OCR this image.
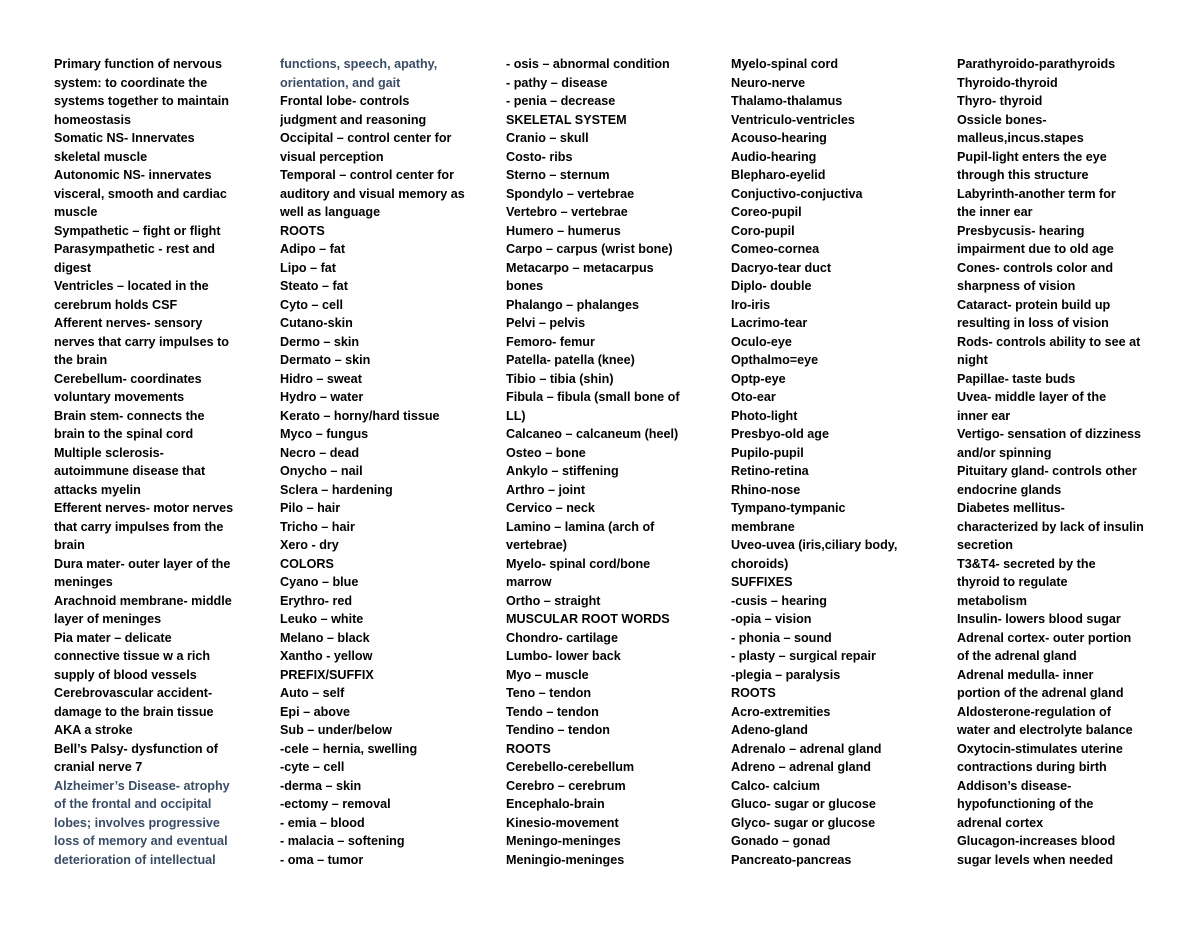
Primary function of nervous
system: to coordinate the
systems together to maintain
homeostasis
Somatic NS- Innervates
skeletal muscle
Autonomic NS- innervates
visceral, smooth and cardiac
muscle
Sympathetic – fight or flight
Parasympathetic - rest and
digest
Ventricles – located in the
cerebrum holds CSF
Afferent nerves- sensory
nerves that carry impulses to
the brain
Cerebellum- coordinates
voluntary movements
Brain stem- connects the
brain to the spinal cord
Multiple sclerosis-
autoimmune disease that
attacks myelin
Efferent nerves- motor nerves
that carry impulses from the
brain
Dura mater- outer layer of the
meninges
Arachnoid membrane- middle
layer of meninges
Pia mater – delicate
connective tissue w a rich
supply of blood vessels
Cerebrovascular accident-
damage to the brain tissue
AKA a stroke
Bell’s Palsy- dysfunction of
cranial nerve 7
Alzheimer’s Disease- atrophy
of the frontal and occipital
lobes; involves progressive
loss of memory and eventual
deterioration of intellectual
functions, speech, apathy,
orientation, and gait
Frontal lobe- controls
judgment and reasoning
Occipital – control center for
visual perception
Temporal – control center for
auditory and visual memory as
well as language
ROOTS
Adipo – fat
Lipo – fat
Steato – fat
Cyto – cell
Cutano-skin
Dermo – skin
Dermato – skin
Hidro – sweat
Hydro – water
Kerato – horny/hard tissue
Myco – fungus
Necro – dead
Onycho – nail
Sclera – hardening
Pilo – hair
Tricho – hair
Xero - dry
COLORS
Cyano – blue
Erythro- red
Leuko – white
Melano – black
Xantho - yellow
PREFIX/SUFFIX
Auto – self
Epi – above
Sub – under/below
-cele – hernia, swelling
-cyte – cell
-derma – skin
-ectomy – removal
- emia – blood
- malacia – softening
- oma – tumor
- osis – abnormal condition
- pathy – disease
- penia – decrease
SKELETAL SYSTEM
Cranio – skull
Costo- ribs
Sterno – sternum
Spondylo – vertebrae
Vertebro – vertebrae
Humero – humerus
Carpo – carpus (wrist bone)
Metacarpo – metacarpus
bones
Phalango – phalanges
Pelvi – pelvis
Femoro- femur
Patella- patella (knee)
Tibio – tibia (shin)
Fibula – fibula (small bone of
LL)
Calcaneo – calcaneum (heel)
Osteo – bone
Ankylo – stiffening
Arthro – joint
Cervico – neck
Lamino – lamina (arch of
vertebrae)
Myelo- spinal cord/bone
marrow
Ortho – straight
MUSCULAR ROOT WORDS
Chondro- cartilage
Lumbo- lower back
Myo – muscle
Teno – tendon
Tendo – tendon
Tendino – tendon
ROOTS
Cerebello-cerebellum
Cerebro – cerebrum
Encephalo-brain
Kinesio-movement
Meningo-meninges
Meningio-meninges
Myelo-spinal cord
Neuro-nerve
Thalamo-thalamus
Ventriculo-ventricles
Acouso-hearing
Audio-hearing
Blepharo-eyelid
Conjuctivo-conjuctiva
Coreo-pupil
Coro-pupil
Comeo-cornea
Dacryo-tear duct
Diplo- double
Iro-iris
Lacrimo-tear
Oculo-eye
Opthalmo=eye
Optp-eye
Oto-ear
Photo-light
Presbyo-old age
Pupilo-pupil
Retino-retina
Rhino-nose
Tympano-tympanic
membrane
Uveo-uvea (iris,ciliary body,
choroids)
SUFFIXES
-cusis – hearing
-opia – vision
- phonia – sound
- plasty – surgical repair
-plegia – paralysis
ROOTS
Acro-extremities
Adeno-gland
Adrenalo – adrenal gland
Adreno – adrenal gland
Calco- calcium
Gluco- sugar or glucose
Glyco- sugar or glucose
Gonado – gonad
Pancreato-pancreas
Parathyroido-parathyroids
Thyroido-thyroid
Thyro- thyroid
Ossicle bones-
malleus,incus.stapes
Pupil-light enters the eye
through this structure
Labyrinth-another term for
the inner ear
Presbycusis- hearing
impairment due to old age
Cones- controls color and
sharpness of vision
Cataract- protein build up
resulting in loss of vision
Rods- controls ability to see at
night
Papillae- taste buds
Uvea- middle layer of the
inner ear
Vertigo- sensation of dizziness
and/or spinning
Pituitary gland- controls other
endocrine glands
Diabetes mellitus-
characterized by lack of insulin
secretion
T3&T4- secreted by the
thyroid to regulate
metabolism
Insulin- lowers blood sugar
Adrenal cortex- outer portion
of the adrenal gland
Adrenal medulla- inner
portion of the adrenal gland
Aldosterone-regulation of
water and electrolyte balance
Oxytocin-stimulates uterine
contractions during birth
Addison’s disease-
hypofunctioning of the
adrenal cortex
Glucagon-increases blood
sugar levels when needed
